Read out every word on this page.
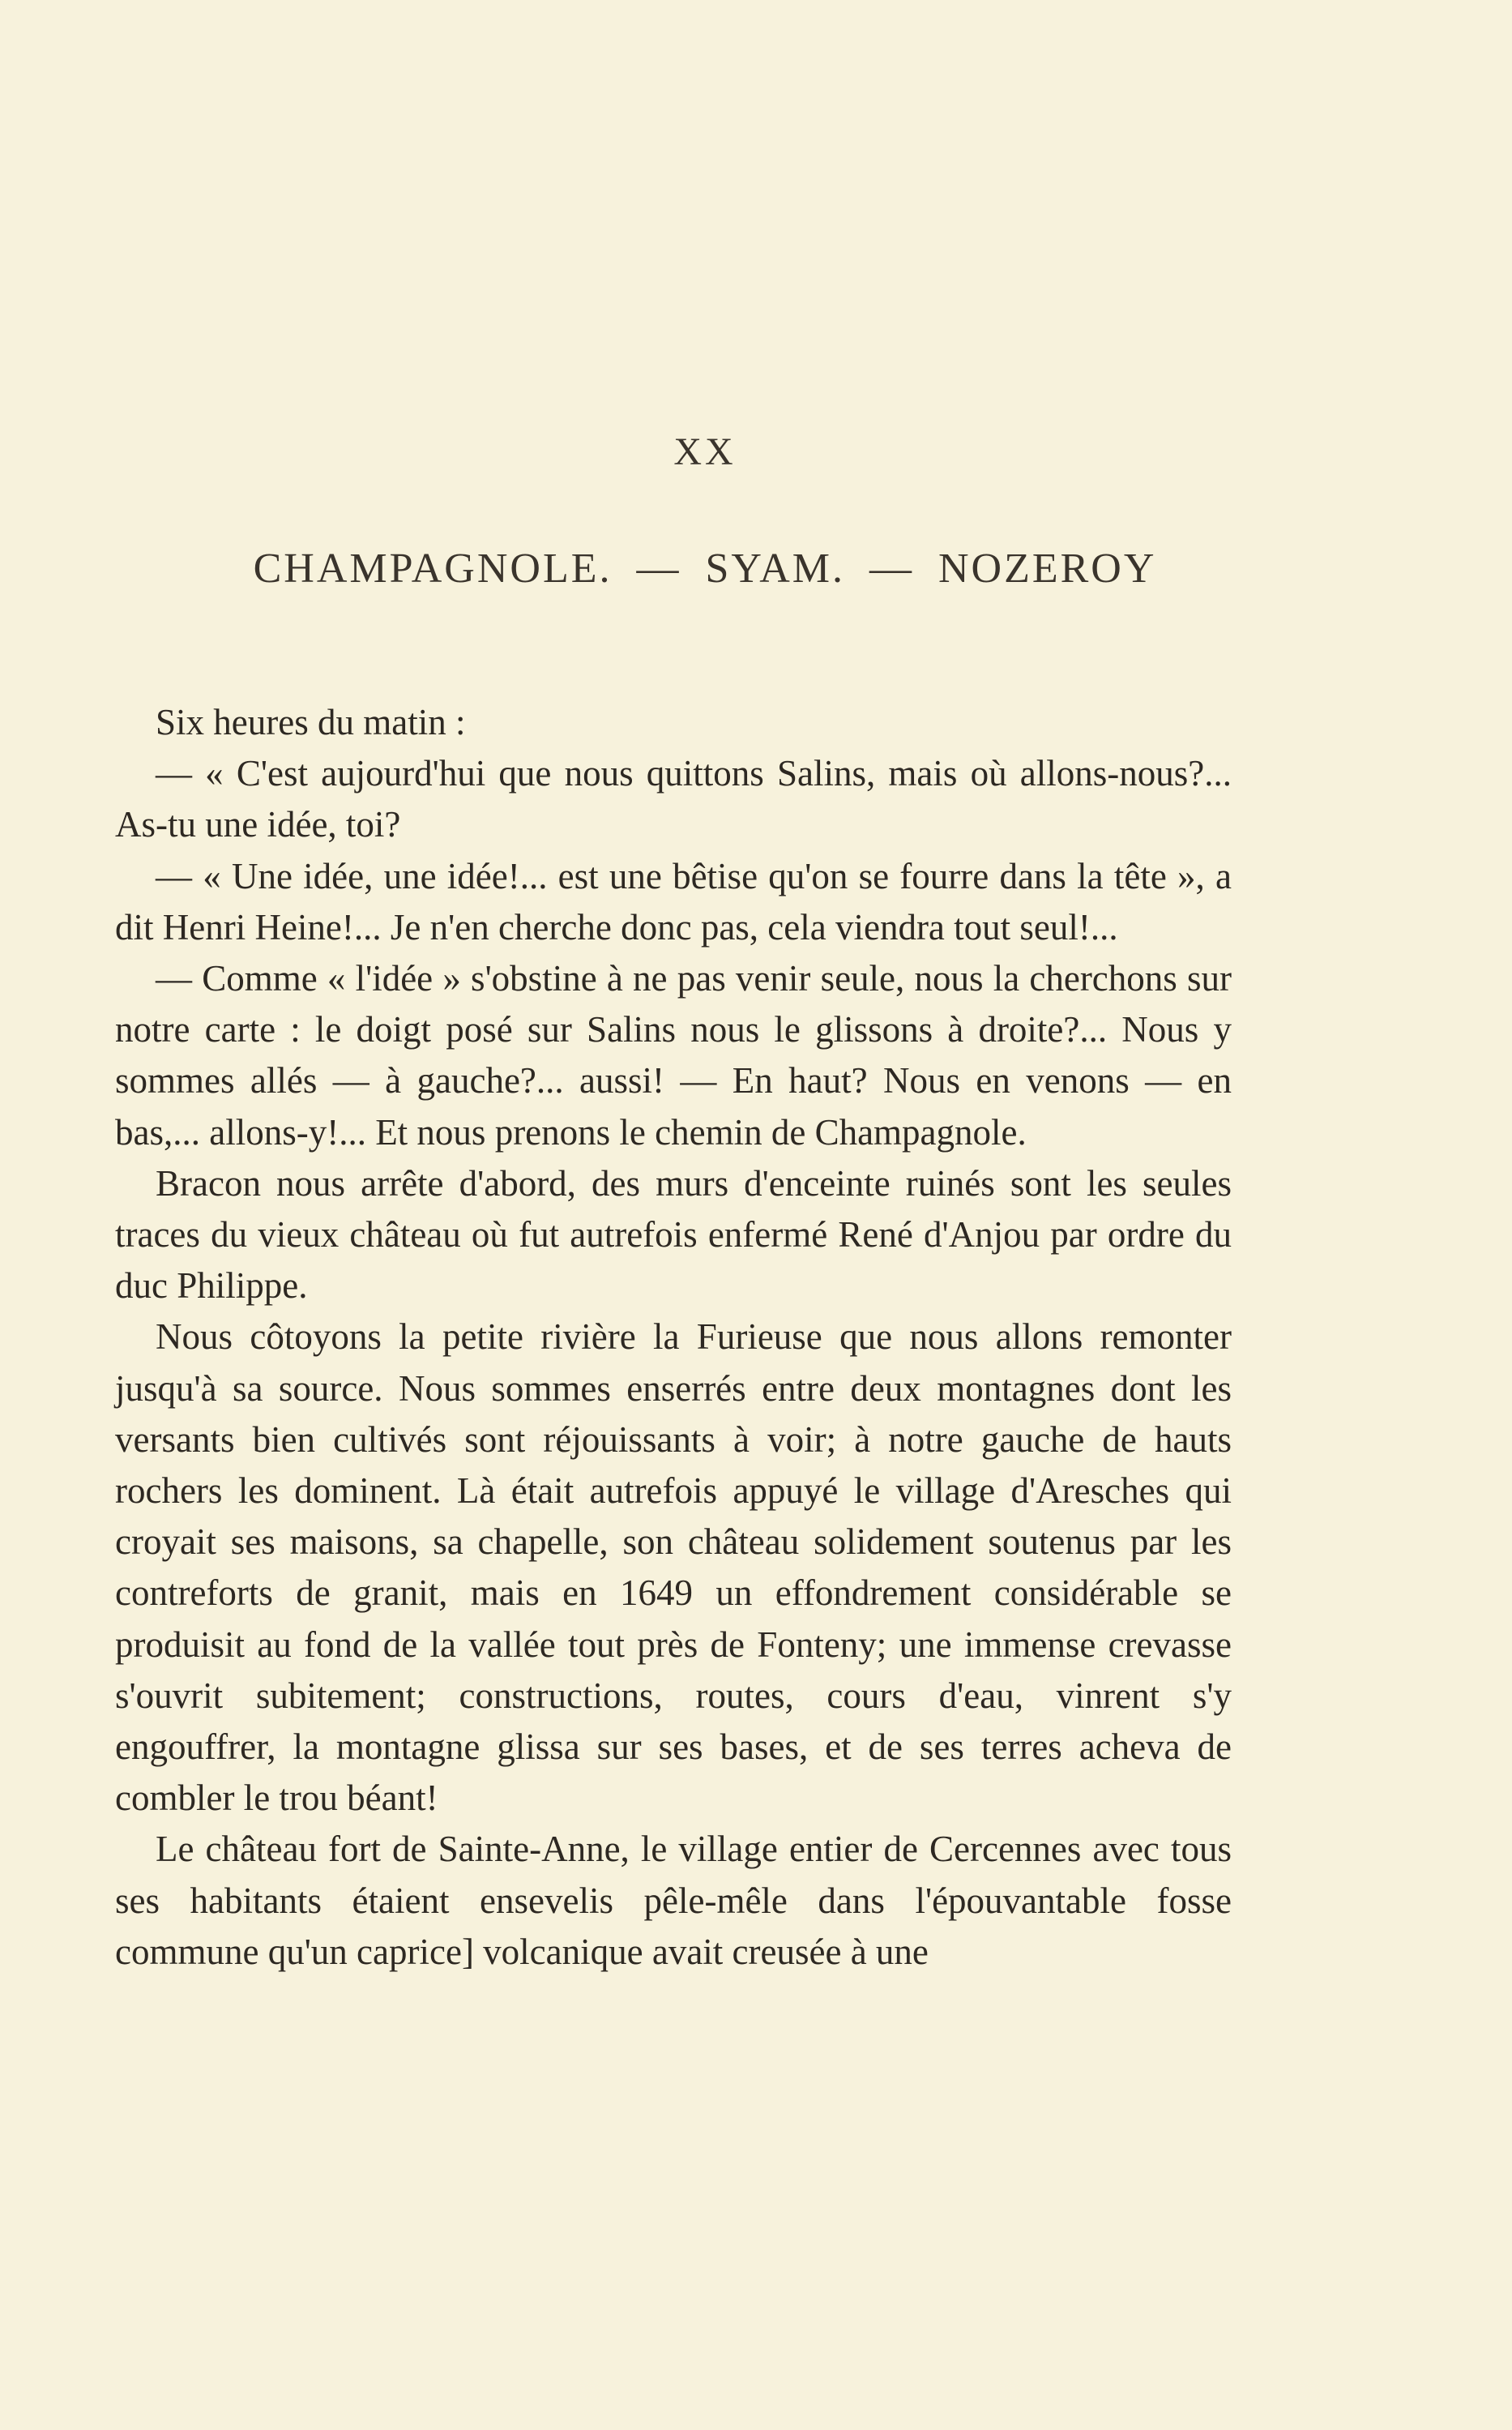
XX
CHAMPAGNOLE. — SYAM. — NOZEROY

Six heures du matin :

— « C'est aujourd'hui que nous quittons Salins, mais où allons-nous?... As-tu une idée, toi?

— « Une idée, une idée!... est une bêtise qu'on se fourre dans la tête », a dit Henri Heine!... Je n'en cherche donc pas, cela viendra tout seul!...

— Comme « l'idée » s'obstine à ne pas venir seule, nous la cherchons sur notre carte : le doigt posé sur Salins nous le glissons à droite?... Nous y sommes allés — à gauche?... aussi! — En haut? Nous en venons — en bas,... allons-y!... Et nous prenons le chemin de Champagnole.

Bracon nous arrête d'abord, des murs d'enceinte ruinés sont les seules traces du vieux château où fut autrefois enfermé René d'Anjou par ordre du duc Philippe.

Nous côtoyons la petite rivière la Furieuse que nous allons remonter jusqu'à sa source. Nous sommes enserrés entre deux montagnes dont les versants bien cultivés sont réjouissants à voir; à notre gauche de hauts rochers les dominent. Là était autrefois appuyé le village d'Aresches qui croyait ses maisons, sa chapelle, son château solidement soutenus par les contreforts de granit, mais en 1649 un effondrement considérable se produisit au fond de la vallée tout près de Fonteny; une immense crevasse s'ouvrit subitement; constructions, routes, cours d'eau, vinrent s'y engouffrer, la montagne glissa sur ses bases, et de ses terres acheva de combler le trou béant!

Le château fort de Sainte-Anne, le village entier de Cercennes avec tous ses habitants étaient ensevelis pêle-mêle dans l'épouvantable fosse commune qu'un caprice] volcanique avait creusée à une
